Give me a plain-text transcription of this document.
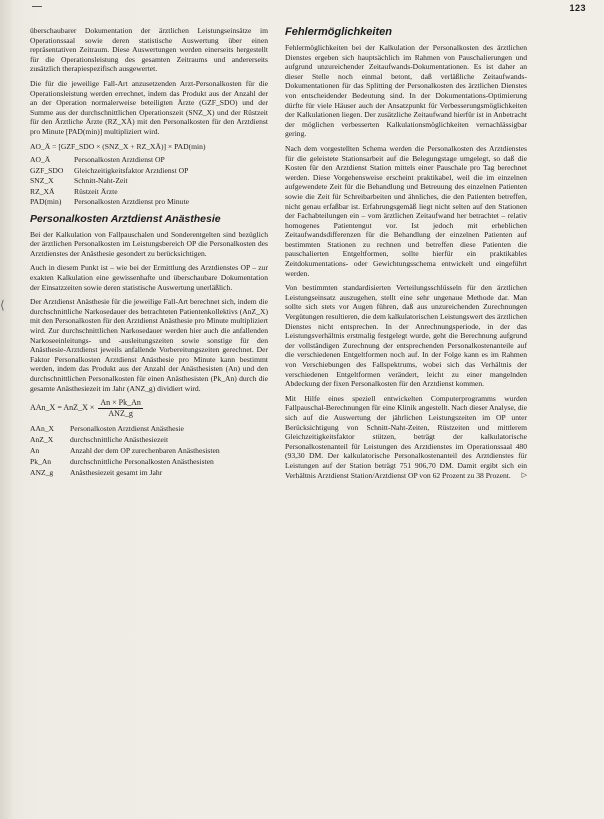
123
⟨

überschaubarer Dokumentation der ärztlichen Leistungseinsätze im Operationssaal sowie deren statistische Auswertung über einen repräsentativen Zeitraum. Diese Auswertungen werden einerseits hergestellt für die Operationsleistung des gesamten Zeitraums und andererseits zusätzlich therapiespezifisch ausgewertet.

Die für die jeweilige Fall-Art anzusetzenden Arzt-Personalkosten für die Operationsleistung werden errechnet, indem das Produkt aus der Anzahl der an der Operation normalerweise beteiligten Ärzte (GZF_SDO) und der Summe aus der durchschnittlichen Operationszeit (SNZ_X) und der Rüstzeit für den Ärztliche Ärzte (RZ_XÄ) mit den Personalkosten für den Arztdienst pro Minute [PAD(min)] multipliziert wird.

AO_Ä = [GZF_SDO × (SNZ_X + RZ_XÄ)] × PAD(min)
AO_Ä	Personalkosten Arztdienst OP
GZF_SDO	Gleichzeitigkeitsfaktor Arztdienst OP
SNZ_X	Schnitt-Naht-Zeit
RZ_XÄ	Rüstzeit Ärzte
PAD(min)	Personalkosten Arztdienst pro Minute
Personalkosten Arztdienst Anästhesie

Bei der Kalkulation von Fallpauschalen und Sonderentgelten sind bezüglich der ärztlichen Personalkosten im Leistungsbereich OP die Personalkosten des Arztdienstes der Anästhesie gesondert zu berücksichtigen.

Auch in diesem Punkt ist – wie bei der Ermittlung des Arztdienstes OP – zur exakten Kalkulation eine gewissenhafte und überschaubare Dokumentation der Einsatzzeiten sowie deren statistische Auswertung unerläßlich.

Der Arztdienst Anästhesie für die jeweilige Fall-Art berechnet sich, indem die durchschnittliche Narkosedauer des betrachteten Patientenkollektivs (AnZ_X) mit den Personalkosten für den Arztdienst Anästhesie pro Minute multipliziert wird. Zur durchschnittlichen Narkosedauer werden hier auch die anfallenden Narkoseeinleitungs- und -ausleitungszeiten sowie sonstige für den Anästhesie-Arztdienst jeweils anfallende Vorbereitungszeiten gerechnet. Der Faktor Personalkosten Arztdienst Anästhesie pro Minute kann bestimmt werden, indem das Produkt aus der Anzahl der Anästhesisten (An) und den durchschnittlichen Personalkosten für einen Anästhesisten (Pk_An) durch die gesamte Anästhesiezeit im Jahr (ANZ_g) dividiert wird.

AAn_X = AnZ_X × $\frac{An \times Pk\_An}{\text{ANZ\_g}}$
AAn_X	Personalkosten Arztdienst Anästhesie
AnZ_X	durchschnittliche Anästhesiezeit
An	Anzahl der dem OP zurechenbaren Anästhesisten
Pk_An	durchschnittliche Personalkosten Anästhesisten
ANZ_g	Anästhesiezeit gesamt im Jahr
Fehlermöglichkeiten

Fehlermöglichkeiten bei der Kalkulation der Personalkosten des ärztlichen Dienstes ergeben sich hauptsächlich im Rahmen von Pauschalierungen und aufgrund unzureichender Zeitaufwands-Dokumentationen. Es ist daher an dieser Stelle noch einmal betont, daß verläßliche Zeitaufwands-Dokumentationen für das Splitting der Personalkosten des ärztlichen Dienstes von entscheidender Bedeutung sind. In der Dokumentations-Optimierung dürfte für viele Häuser auch der Ansatzpunkt für Verbesserungsmöglichkeiten der Kalkulationen liegen. Der zusätzliche Zeitaufwand hierfür ist in Anbetracht der möglichen verbesserten Kalkulationsmöglichkeiten vernachlässigbar gering.

Nach dem vorgestellten Schema werden die Personalkosten des Arztdienstes für die geleistete Stationsarbeit auf die Belegungstage umgelegt, so daß die Kosten für den Arztdienst Station mittels einer Pauschale pro Tag berechnet werden. Diese Vorgehensweise erscheint praktikabel, weil die im einzelnen aufgewendete Zeit für die Behandlung und Betreuung des einzelnen Patienten sowie die Zeit für Schreibarbeiten und ähnliches, die den Patienten betreffen, nicht genau erfaßbar ist. Erfahrungsgemäß liegt nicht selten auf den Stationen der Fachabteilungen ein – vom ärztlichen Zeitaufwand her betrachtet – relativ homogenes Patientengut vor. Ist jedoch mit erheblichen Zeitaufwandsdifferenzen für die Behandlung der einzelnen Patienten auf bestimmten Stationen zu rechnen und betreffen diese Patienten die pauschalierten Entgeltformen, sollte hierfür ein praktikables Zeitdokumentations- oder Gewichtungsschema entwickelt und eingeführt werden.

Von bestimmten standardisierten Verteilungsschlüsseln für den ärztlichen Leistungseinsatz auszugehen, stellt eine sehr ungenaue Methode dar. Man sollte sich stets vor Augen führen, daß aus unzureichenden Zurechnungen Vergütungen resultieren, die dem kalkulatorischen Leistungswert des ärztlichen Dienstes nicht entsprechen. In der Anrechnungsperiode, in der das Leistungsverhältnis erstmalig festgelegt wurde, geht die Berechnung aufgrund der vollständigen Zurechnung der entsprechenden Personalkostenanteile auf die verschiedenen Entgeltformen noch auf. In der Folge kann es im Rahmen von Verschiebungen des Fallspektrums, wobei sich das Verhältnis der verschiedenen Entgeltformen verändert, leicht zu einer mangelnden Abdeckung der fixen Personalkosten für den Arztdienst kommen.

Mit Hilfe eines speziell entwickelten Computerprogramms wurden Fallpauschal-Berechnungen für eine Klinik angestellt. Nach dieser Analyse, die sich auf die Auswertung der jährlichen Leistungszeiten im OP unter Berücksichtigung von Schnitt-Naht-Zeiten, Rüstzeiten und mittlerem Gleichzeitigkeitsfaktor stützen, beträgt der kalkulatorische Personalkostenanteil für Leistungen des Arztdienstes im Operationssaal 480 (93,30 DM. Der kalkulatorische Personalkostenanteil des Arztdienstes für Leistungen auf der Station beträgt 751 906,70 DM. Damit ergibt sich ein Verhältnis Arztdienst Station/Arztdienst OP von 62 Prozent zu 38 Prozent. ▷
